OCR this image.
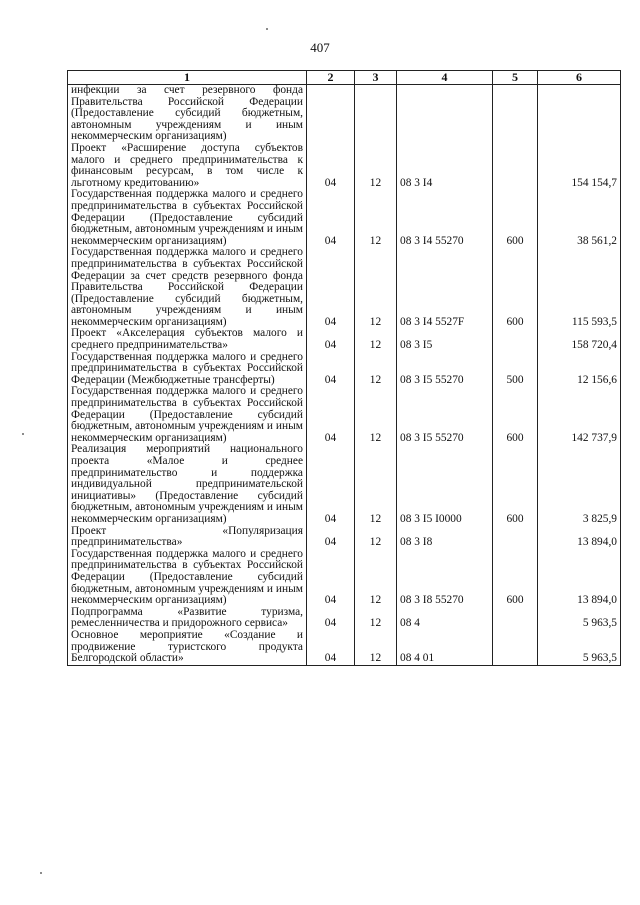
407
1	2	3	4	5	6
инфекции за счет резервного фонда Правительства Российской Федерации (Предоставление субсидий бюджетным, автономным учреждениям и иным некоммерческим организациям)					
Проект «Расширение доступа субъектов малого и среднего предпринимательства к финансовым ресурсам, в том числе к льготному кредитованию»	04	12	08 3 I4		154 154,7
Государственная поддержка малого и среднего предпринимательства в субъектах Российской Федерации (Предоставление субсидий бюджетным, автономным учреждениям и иным некоммерческим организациям)	04	12	08 3 I4 55270	600	38 561,2
Государственная поддержка малого и среднего предпринимательства в субъектах Российской Федерации за счет средств резервного фонда Правительства Российской Федерации (Предоставление субсидий бюджетным, автономным учреждениям и иным некоммерческим организациям)	04	12	08 3 I4 5527F	600	115 593,5
Проект «Акселерация субъектов малого и среднего предпринимательства»	04	12	08 3 I5		158 720,4
Государственная поддержка малого и среднего предпринимательства в субъектах Российской Федерации (Межбюджетные трансферты)	04	12	08 3 I5 55270	500	12 156,6
Государственная поддержка малого и среднего предпринимательства в субъектах Российской Федерации (Предоставление субсидий бюджетным, автономным учреждениям и иным некоммерческим организациям)	04	12	08 3 I5 55270	600	142 737,9
Реализация мероприятий национального проекта «Малое и среднее предпринимательство и поддержка индивидуальной предпринимательской инициативы» (Предоставление субсидий бюджетным, автономным учреждениям и иным некоммерческим организациям)	04	12	08 3 I5 I0000	600	3 825,9
Проект «Популяризация предпринимательства»	04	12	08 3 I8		13 894,0
Государственная поддержка малого и среднего предпринимательства в субъектах Российской Федерации (Предоставление субсидий бюджетным, автономным учреждениям и иным некоммерческим организациям)	04	12	08 3 I8 55270	600	13 894,0
Подпрограмма «Развитие туризма, ремесленничества и придорожного сервиса»	04	12	08 4		5 963,5
Основное мероприятие «Создание и продвижение туристского продукта Белгородской области»	04	12	08 4 01		5 963,5
